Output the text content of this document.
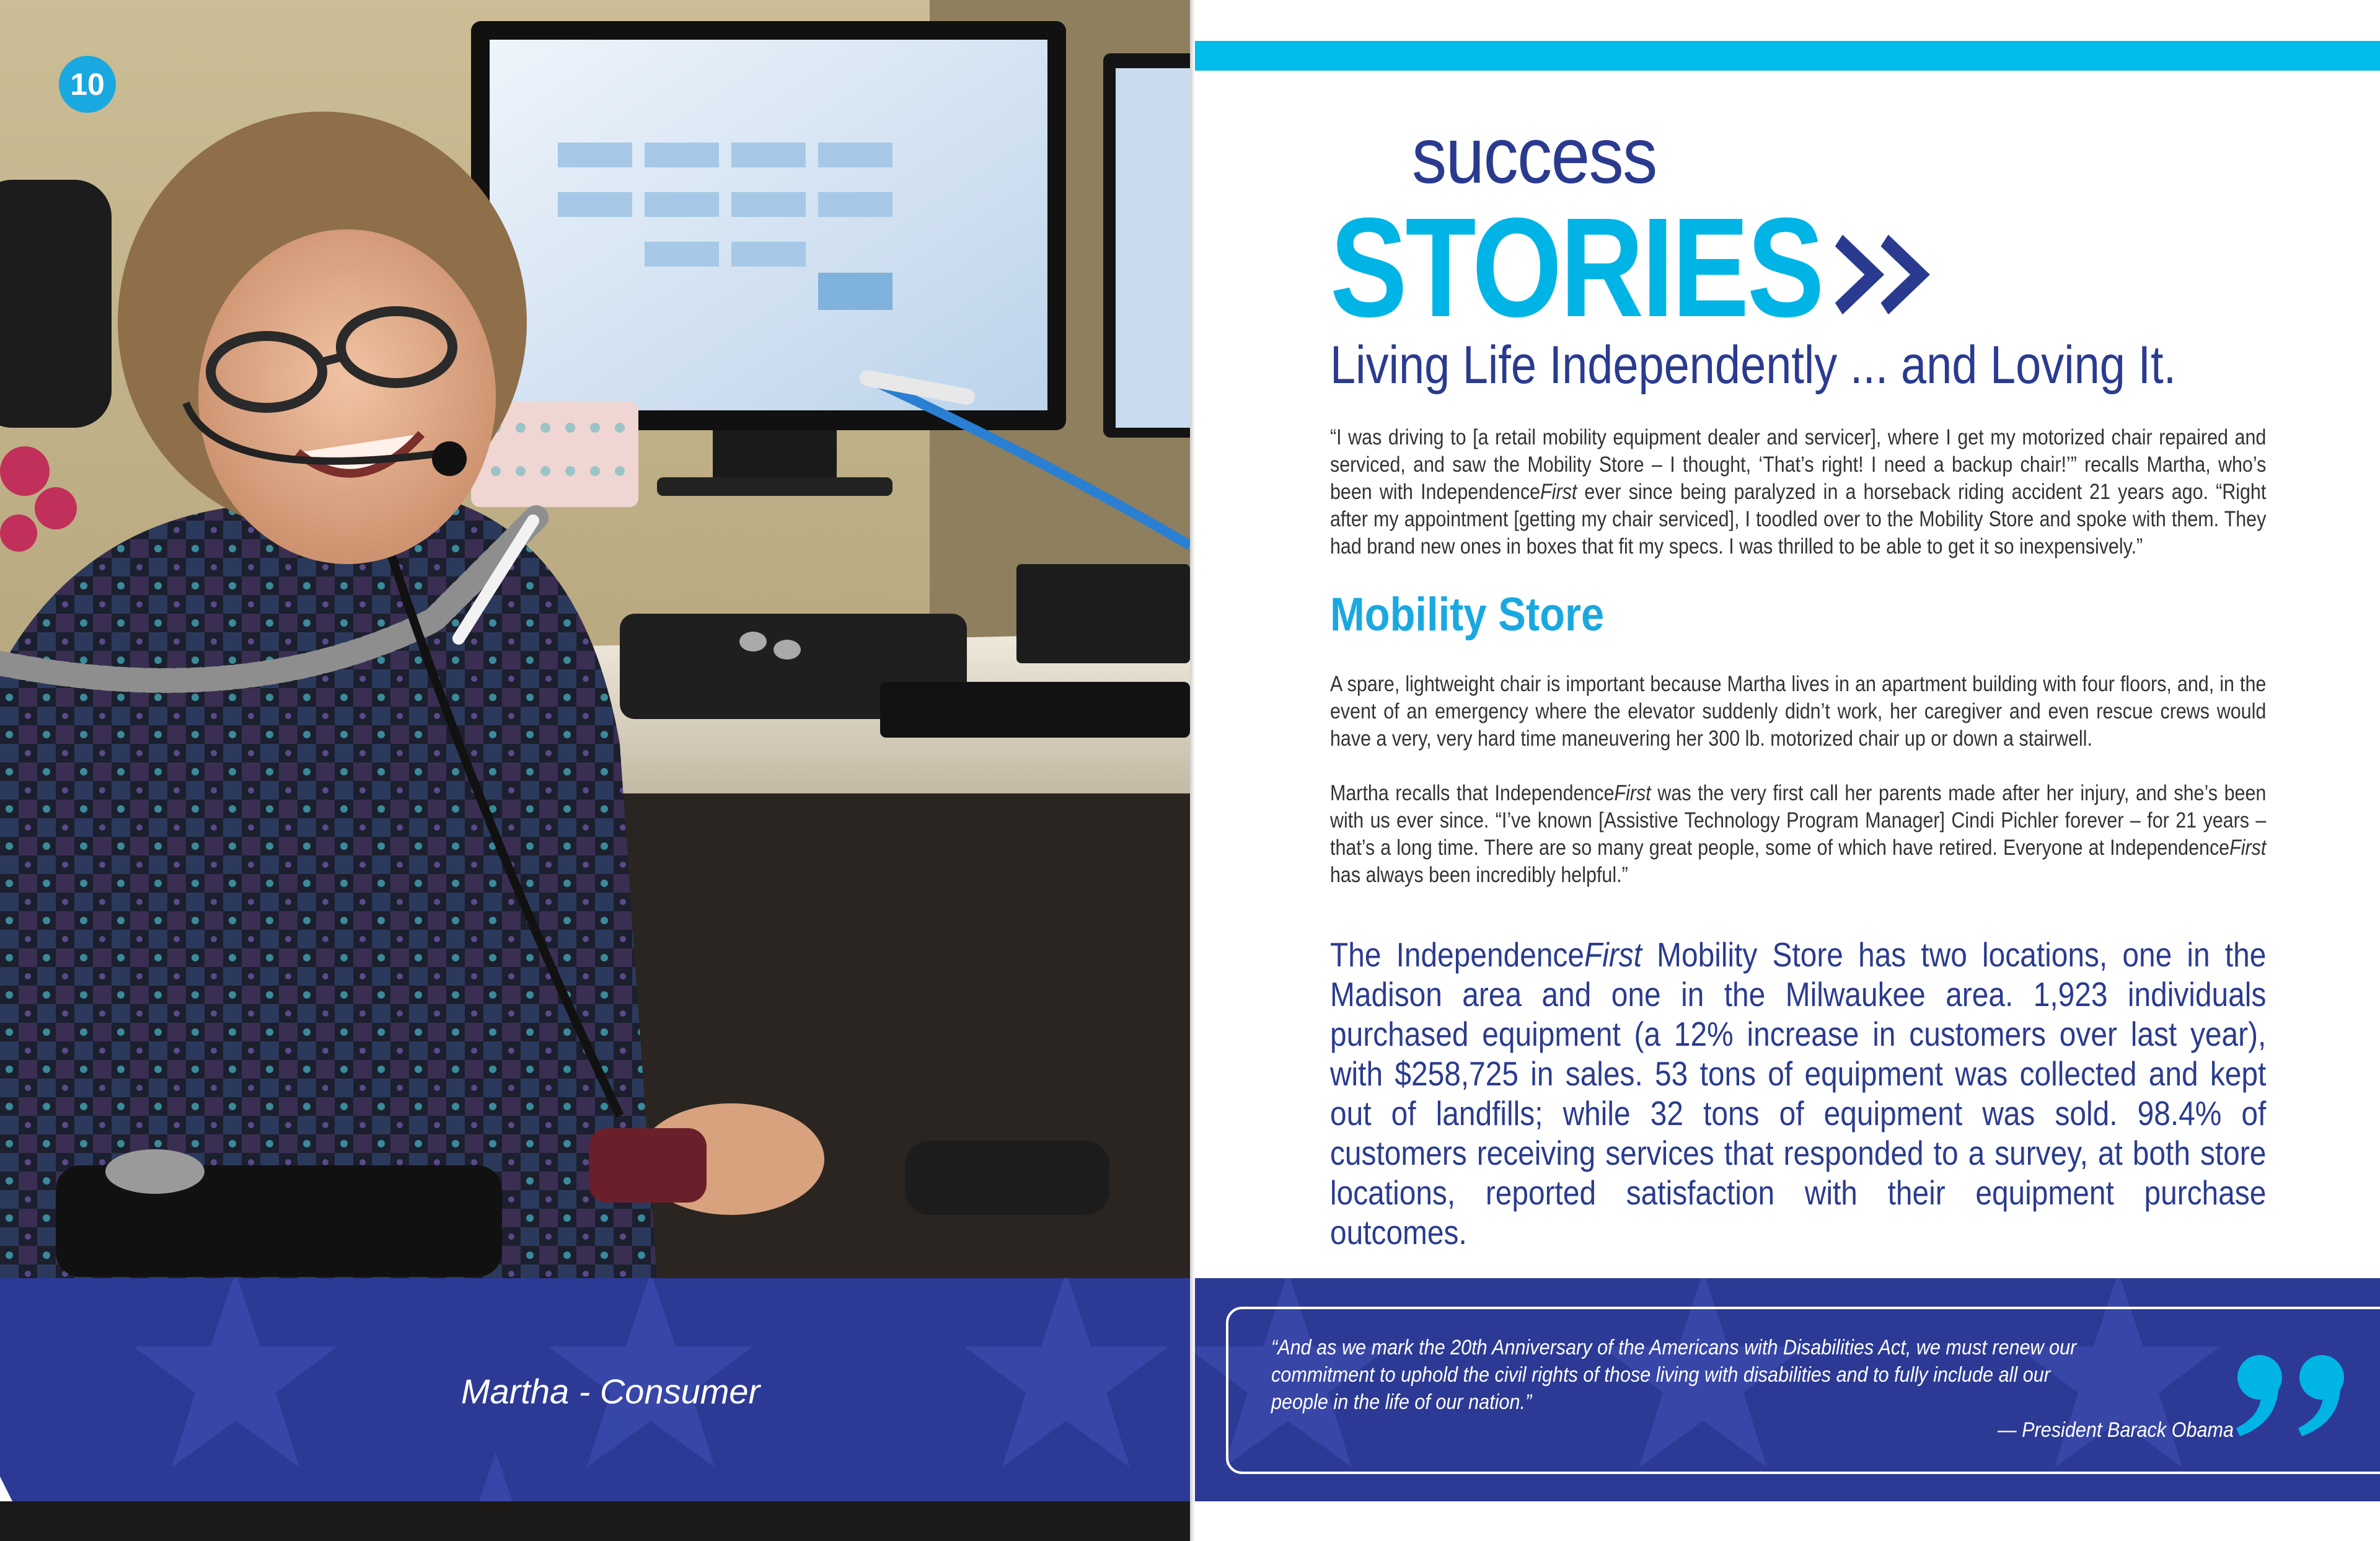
10
Martha - Consumer
success
STORIES
Living Life Independently ... and Loving It.
“I was driving to [a retail mobility equipment dealer and servicer], where I get my motorized chair repaired and serviced, and saw the Mobility Store – I thought, ‘That’s right! I need a backup chair!’” recalls Martha, who’s been with IndependenceFirst ever since being paralyzed in a horseback riding accident 21 years ago. “Right after my appointment [getting my chair serviced], I toodled over to the Mobility Store and spoke with them. They had brand new ones in boxes that fit my specs. I was thrilled to be able to get it so inexpensively.”
Mobility Store
A spare, lightweight chair is important because Martha lives in an apartment building with four floors, and, in the event of an emergency where the elevator suddenly didn’t work, her caregiver and even rescue crews would have a very, very hard time maneuvering her 300 lb. motorized chair up or down a stairwell.
Martha recalls that IndependenceFirst was the very first call her parents made after her injury, and she’s been with us ever since. “I’ve known [Assistive Technology Program Manager] Cindi Pichler forever – for 21 years – that’s a long time. There are so many great people, some of which have retired. Everyone at IndependenceFirst has always been incredibly helpful.”
The IndependenceFirst Mobility Store has two locations, one in the Madison area and one in the Milwaukee area. 1,923 individuals purchased equipment (a 12% increase in customers over last year), with $258,725 in sales. 53 tons of equipment was collected and kept out of landfills; while 32 tons of equipment was sold. 98.4% of customers receiving services that responded to a survey, at both store locations, reported satisfaction with their equipment purchase outcomes.
“And as we mark the 20th Anniversary of the Americans with Disabilities Act, we must renew our commitment to uphold the civil rights of those living with disabilities and to fully include all our people in the life of our nation.”
— President Barack Obama
